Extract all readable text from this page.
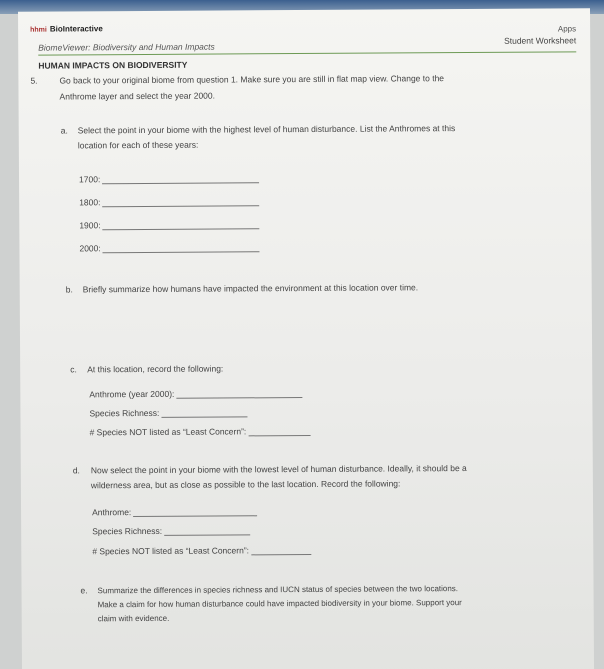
hhmi BioInteractive	Apps
Student Worksheet
BiomeViewer: Biodiversity and Human Impacts
HUMAN IMPACTS ON BIODIVERSITY
5.	Go back to your original biome from question 1. Make sure you are still in flat map view. Change to the
Anthrome layer and select the year 2000.
a. Select the point in your biome with the highest level of human disturbance. List the Anthromes at this
location for each of these years:
1700:
1800:
1900:
2000:
b. Briefly summarize how humans have impacted the environment at this location over time.
c. At this location, record the following:
Anthrome (year 2000):
Species Richness:
# Species NOT listed as “Least Concern”:
d. Now select the point in your biome with the lowest level of human disturbance. Ideally, it should be a
wilderness area, but as close as possible to the last location. Record the following:
Anthrome:
Species Richness:
# Species NOT listed as “Least Concern”:
e. Summarize the differences in species richness and IUCN status of species between the two locations.
Make a claim for how human disturbance could have impacted biodiversity in your biome. Support your
claim with evidence.
